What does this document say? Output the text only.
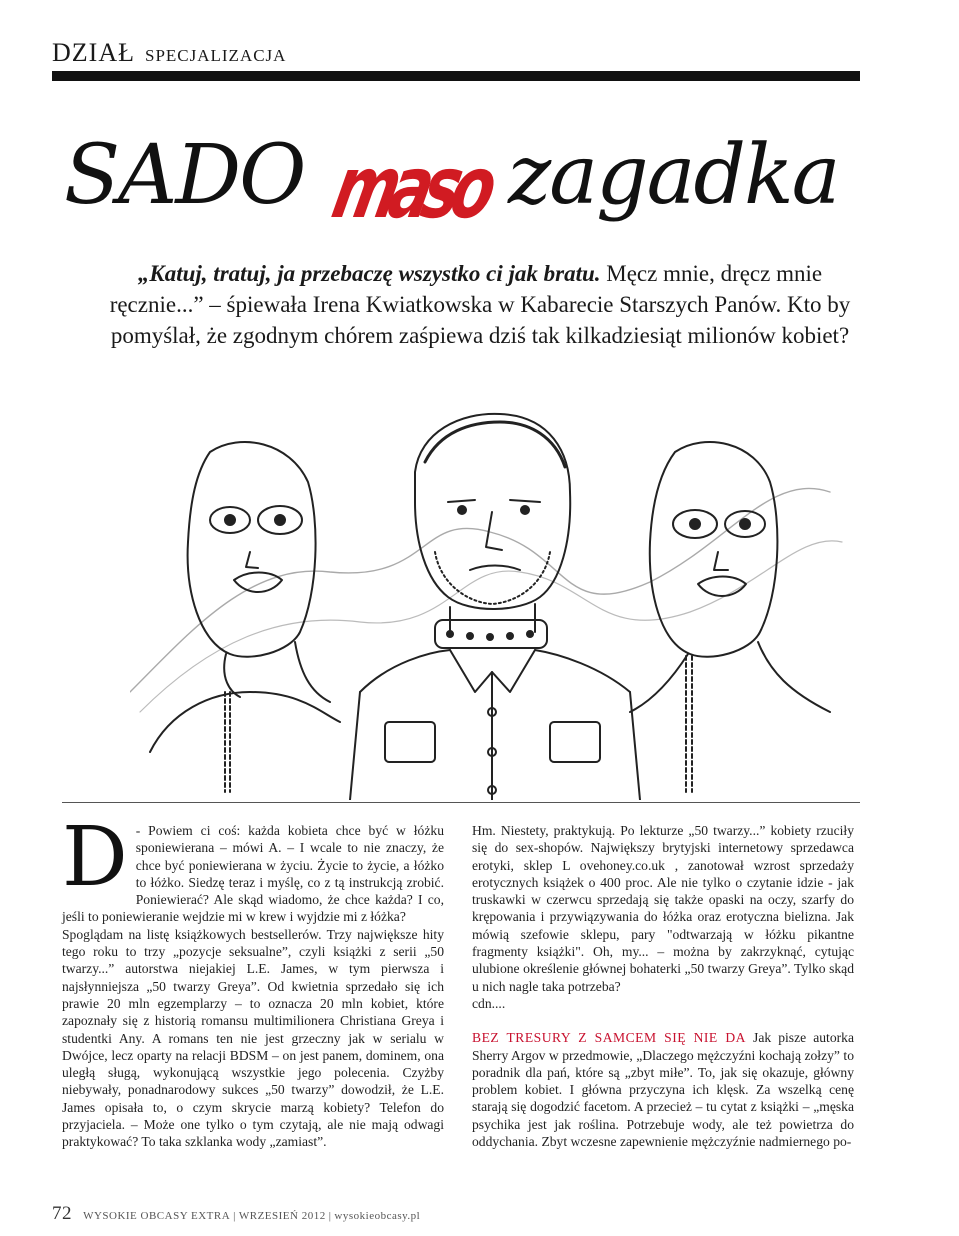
DZIAŁ SPECJALIZACJA
SADO maso zagadka
„Katuj, tratuj, ja przebaczę wszystko ci jak bratu. Męcz mnie, dręcz mnie ręcznie...” – śpiewała Irena Kwiatkowska w Kabarecie Starszych Panów. Kto by pomyślał, że zgodnym chórem zaśpiewa dziś tak kilkadziesiąt milionów kobiet?
D - Powiem ci coś: każda kobieta chce być w łóżku sponiewierana – mówi A. – I wcale to nie znaczy, że chce być poniewierana w życiu. Życie to życie, a łóżko to łóżko. Siedzę teraz i myślę, co z tą instrukcją zrobić. Poniewierać? Ale skąd wiadomo, że chce każda? I co, jeśli to poniewieranie wejdzie mi w krew i wyjdzie mi z łóżka?

Spoglądam na listę książkowych bestsellerów. Trzy największe hity tego roku to trzy „pozycje seksualne”, czyli książki z serii „50 twarzy...” autorstwa niejakiej L.E. James, w tym pierwsza i najsłynniejsza „50 twarzy Greya”. Od kwietnia sprzedało się ich prawie 20 mln egzemplarzy – to oznacza 20 mln kobiet, które zapoznały się z historią romansu multimilionera Christiana Greya i studentki Any. A romans ten nie jest grzeczny jak w serialu w Dwójce, lecz oparty na relacji BDSM – on jest panem, dominem, ona uległą sługą, wykonującą wszystkie jego polecenia. Czyżby niebywały, ponadnarodowy sukces „50 twarzy” dowodził, że L.E. James opisała to, o czym skrycie marzą kobiety? Telefon do przyjaciela. – Może one tylko o tym czytają, ale nie mają odwagi praktykować? To taka szklanka wody „zamiast”.

Hm. Niestety, praktykują. Po lekturze „50 twarzy...” kobiety rzuciły się do sex-shopów. Największy brytyjski internetowy sprzedawca erotyki, sklep L ovehoney.co.uk , zanotował wzrost sprzedaży erotycznych książek o 400 proc. Ale nie tylko o czytanie idzie - jak truskawki w czerwcu sprzedają się także opaski na oczy, szarfy do krępowania i przywiązywania do łóżka oraz erotyczna bielizna. Jak mówią szefowie sklepu, pary "odtwarzają w łóżku pikantne fragmenty książki". Oh, my... – można by zakrzyknąć, cytując ulubione określenie głównej bohaterki „50 twarzy Greya”. Tylko skąd u nich nagle taka potrzeba?

cdn....

BEZ TRESURY Z SAMCEM SIĘ NIE DA Jak pisze autorka Sherry Argov w przedmowie, „Dlaczego mężczyźni kochają zołzy” to poradnik dla pań, które są „zbyt miłe”. To, jak się okazuje, główny problem kobiet. I główna przyczyna ich klęsk. Za wszelką cenę starają się dogodzić facetom. A przecież – tu cytat z książki – „męska psychika jest jak roślina. Potrzebuje wody, ale też powietrza do oddychania. Zbyt wczesne zapewnienie mężczyźnie nadmiernego po-

72 WYSOKIE OBCASY EXTRA | WRZESIEŃ 2012 | wysokieobcasy.pl
